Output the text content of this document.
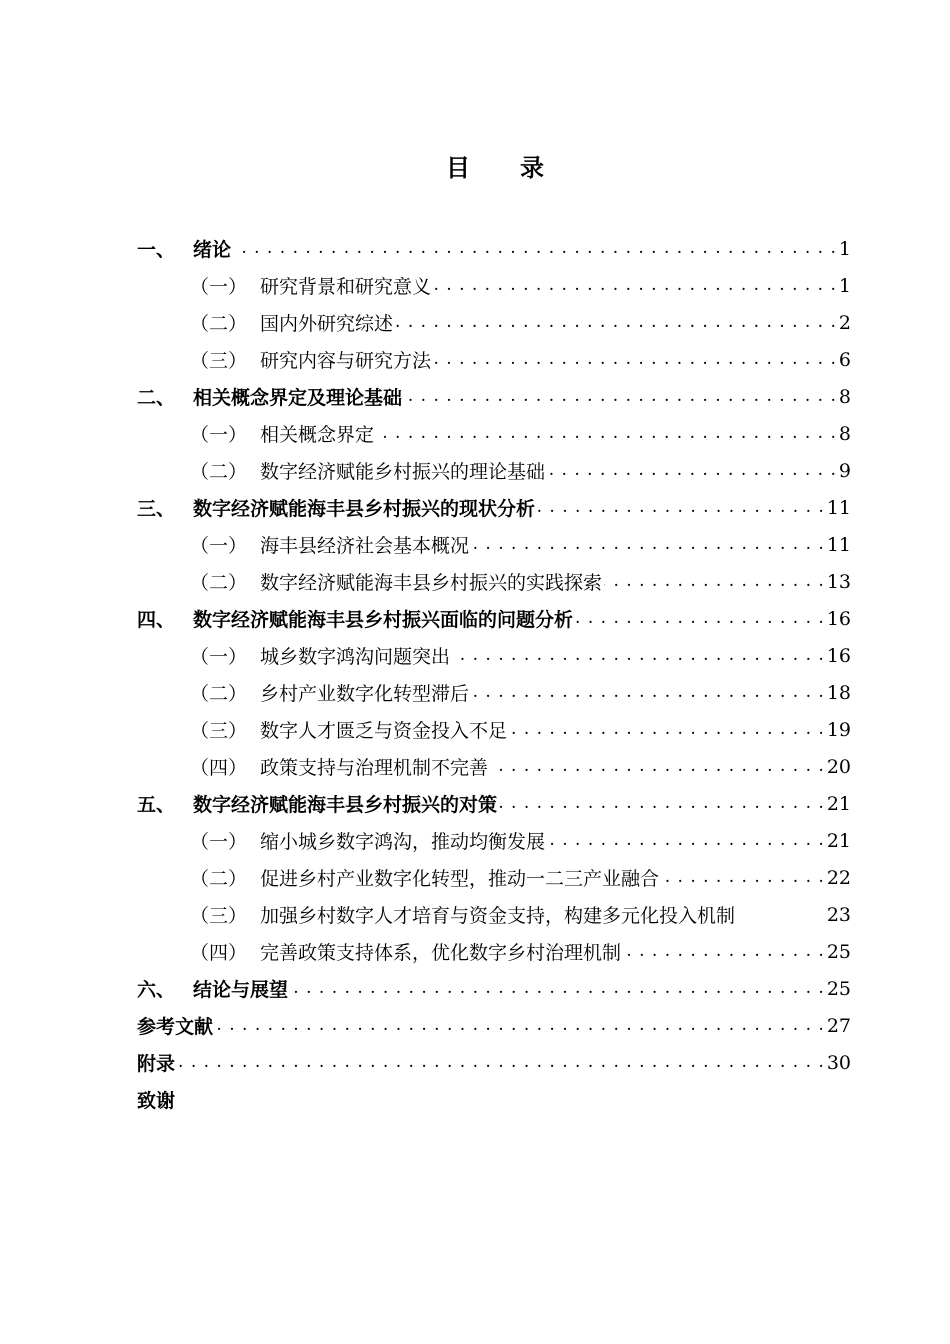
目 录
一、 绪论 . . .	1
（一） 研究背景和研究意义 . . .	1
（二） 国内外研究综述 . . .	2
（三） 研究内容与研究方法 . . .	6
二、 相关概念界定及理论基础 . . .	8
（一） 相关概念界定 . . .	8
（二） 数字经济赋能乡村振兴的理论基础 . . .	9
三、 数字经济赋能海丰县乡村振兴的现状分析 . . .	11
（一） 海丰县经济社会基本概况 . . .	11
（二） 数字经济赋能海丰县乡村振兴的实践探索 . . .	13
四、 数字经济赋能海丰县乡村振兴面临的问题分析 . . .	16
（一） 城乡数字鸿沟问题突出 . . .	16
（二） 乡村产业数字化转型滞后 . . .	18
（三） 数字人才匮乏与资金投入不足 . . .	19
（四） 政策支持与治理机制不完善 . . .	20
五、 数字经济赋能海丰县乡村振兴的对策 . . .	21
（一） 缩小城乡数字鸿沟，推动均衡发展 . . .	21
（二） 促进乡村产业数字化转型，推动一二三产业融合 . . .	22
（三） 加强乡村数字人才培育与资金支持，构建多元化投入机制	23
（四） 完善政策支持体系，优化数字乡村治理机制 . . .	25
六、 结论与展望 . . .	25
参考文献 . . .	27
附录 . . .	30
致谢
